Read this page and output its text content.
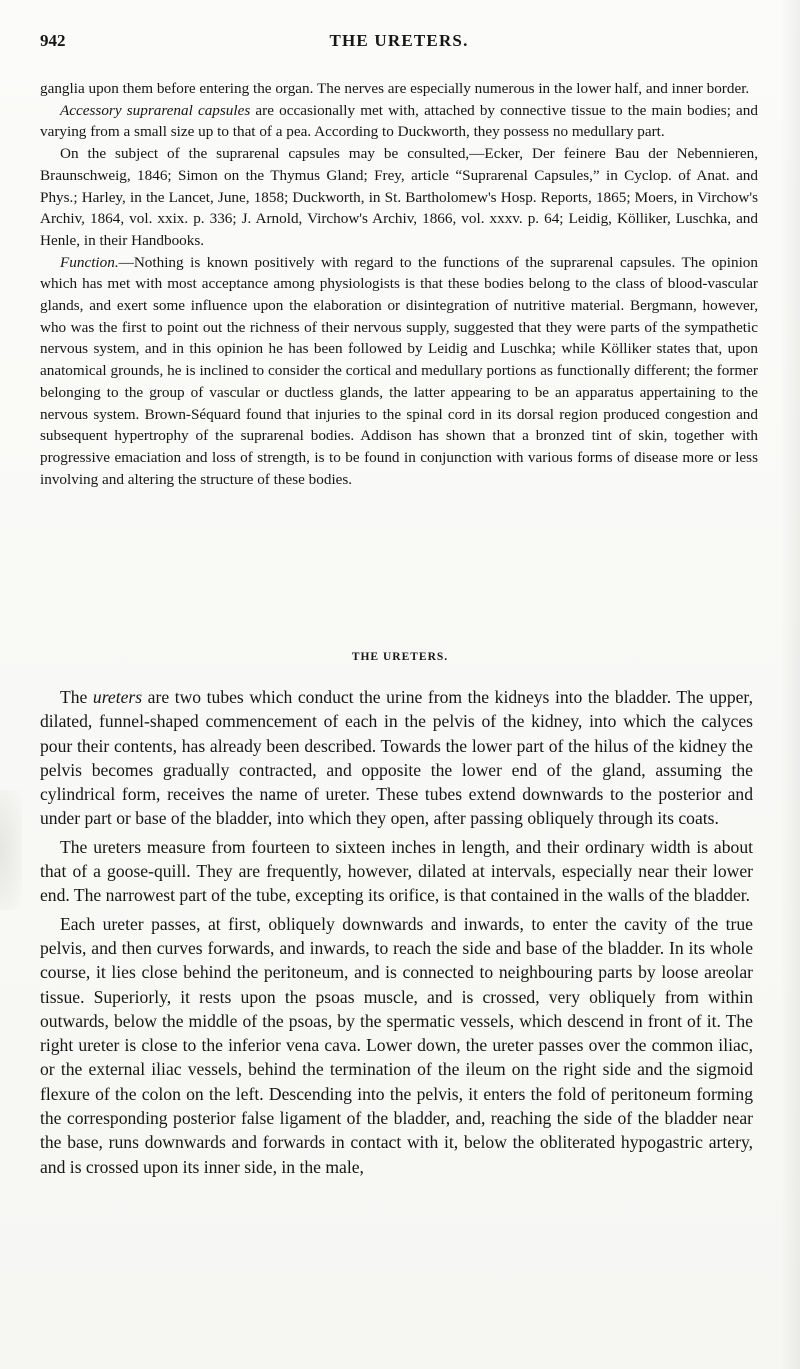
942	THE URETERS.

ganglia upon them before entering the organ. The nerves are especially numerous in the lower half, and inner border.

Accessory suprarenal capsules are occasionally met with, attached by connective tissue to the main bodies; and varying from a small size up to that of a pea. According to Duckworth, they possess no medullary part.

On the subject of the suprarenal capsules may be consulted,—Ecker, Der feinere Bau der Nebennieren, Braunschweig, 1846; Simon on the Thymus Gland; Frey, article “Suprarenal Capsules,” in Cyclop. of Anat. and Phys.; Harley, in the Lancet, June, 1858; Duckworth, in St. Bartholomew's Hosp. Reports, 1865; Moers, in Virchow's Archiv, 1864, vol. xxix. p. 336; J. Arnold, Virchow's Archiv, 1866, vol. xxxv. p. 64; Leidig, Kölliker, Luschka, and Henle, in their Handbooks.

Function.—Nothing is known positively with regard to the functions of the suprarenal capsules. The opinion which has met with most acceptance among physiologists is that these bodies belong to the class of blood-vascular glands, and exert some influence upon the elaboration or disintegration of nutritive material. Bergmann, however, who was the first to point out the richness of their nervous supply, suggested that they were parts of the sympathetic nervous system, and in this opinion he has been followed by Leidig and Luschka; while Kölliker states that, upon anatomical grounds, he is inclined to consider the cortical and medullary portions as functionally different; the former belonging to the group of vascular or ductless glands, the latter appearing to be an apparatus appertaining to the nervous system. Brown-Séquard found that injuries to the spinal cord in its dorsal region produced congestion and subsequent hypertrophy of the suprarenal bodies. Addison has shown that a bronzed tint of skin, together with progressive emaciation and loss of strength, is to be found in conjunction with various forms of disease more or less involving and altering the structure of these bodies.

THE URETERS.

The ureters are two tubes which conduct the urine from the kidneys into the bladder. The upper, dilated, funnel-shaped commencement of each in the pelvis of the kidney, into which the calyces pour their contents, has already been described. Towards the lower part of the hilus of the kidney the pelvis becomes gradually contracted, and opposite the lower end of the gland, assuming the cylindrical form, receives the name of ureter. These tubes extend downwards to the posterior and under part or base of the bladder, into which they open, after passing obliquely through its coats.

The ureters measure from fourteen to sixteen inches in length, and their ordinary width is about that of a goose-quill. They are frequently, however, dilated at intervals, especially near their lower end. The narrowest part of the tube, excepting its orifice, is that contained in the walls of the bladder.

Each ureter passes, at first, obliquely downwards and inwards, to enter the cavity of the true pelvis, and then curves forwards, and inwards, to reach the side and base of the bladder. In its whole course, it lies close behind the peritoneum, and is connected to neighbouring parts by loose areolar tissue. Superiorly, it rests upon the psoas muscle, and is crossed, very obliquely from within outwards, below the middle of the psoas, by the spermatic vessels, which descend in front of it. The right ureter is close to the inferior vena cava. Lower down, the ureter passes over the common iliac, or the external iliac vessels, behind the termination of the ileum on the right side and the sigmoid flexure of the colon on the left. Descending into the pelvis, it enters the fold of peritoneum forming the corresponding posterior false ligament of the bladder, and, reaching the side of the bladder near the base, runs downwards and forwards in contact with it, below the obliterated hypogastric artery, and is crossed upon its inner side, in the male,
